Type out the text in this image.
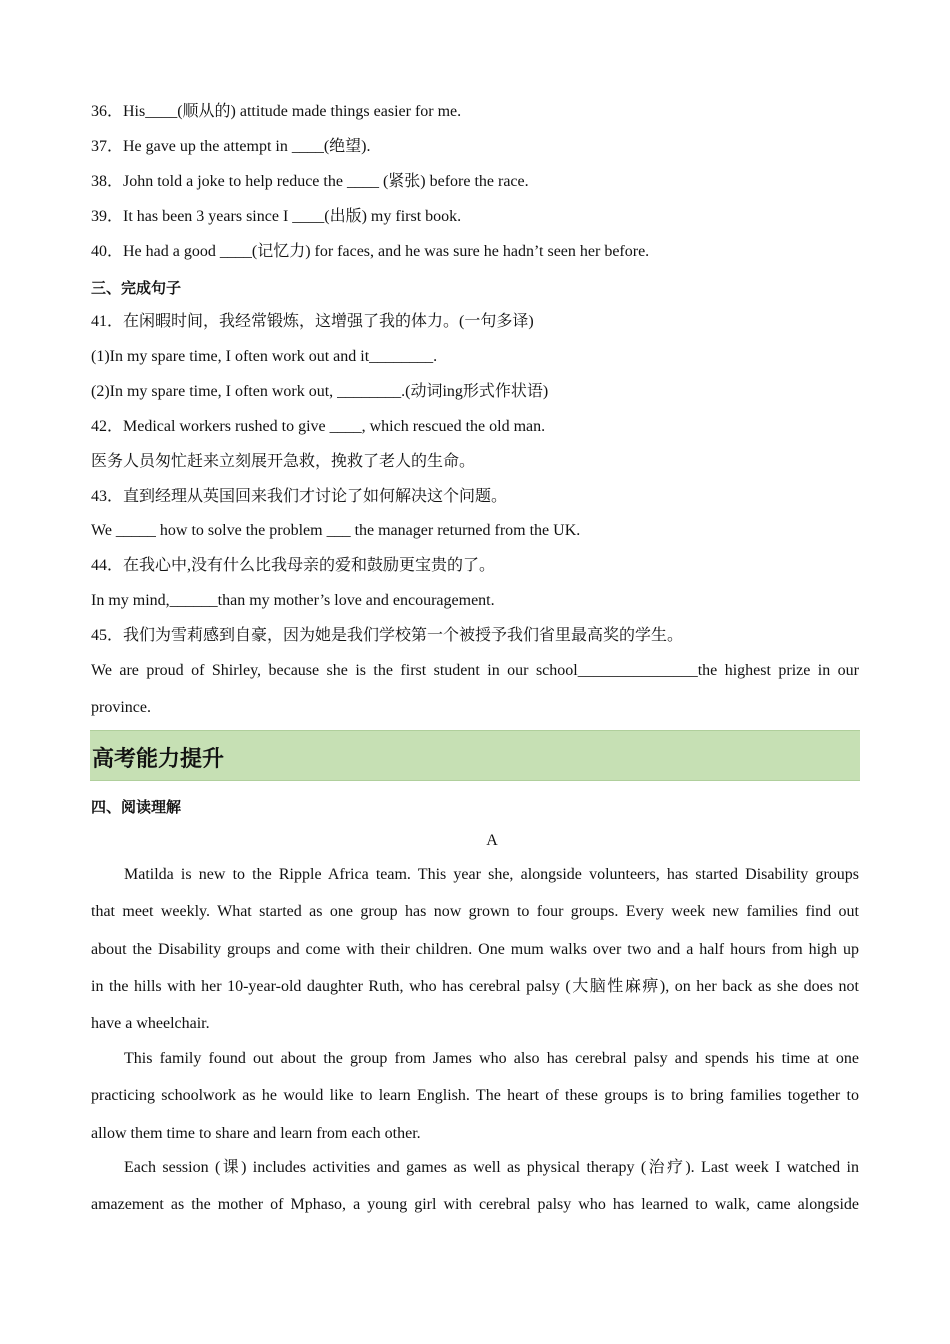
36．His____(顺从的) attitude made things easier for me.
37．He gave up the attempt in ____(绝望).
38．John told a joke to help reduce the ____ (紧张) before the race.
39．It has been 3 years since I ____(出版) my first book.
40．He had a good ____(记忆力) for faces, and he was sure he hadn’t seen her before.
三、完成句子
41．在闲暇时间，我经常锻炼，这增强了我的体力。(一句多译)
(1)In my spare time, I often work out and it________.
(2)In my spare time, I often work out, ________.(动词ing形式作状语)
42．Medical workers rushed to give ____, which rescued the old man.
医务人员匆忙赶来立刻展开急救，挽救了老人的生命。
43．直到经理从英国回来我们才讨论了如何解决这个问题。
We _____ how to solve the problem ___ the manager returned from the UK.
44．在我心中,没有什么比我母亲的爱和鼓励更宝贵的了。
In my mind,______than my mother’s love and encouragement.
45．我们为雪莉感到自豪，因为她是我们学校第一个被授予我们省里最高奖的学生。
We are proud of Shirley, because she is the first student in our school_______________the highest prize in our
province.
高考能力提升
四、阅读理解
A
Matilda is new to the Ripple Africa team. This year she, alongside volunteers, has started Disability groups
that meet weekly. What started as one group has now grown to four groups. Every week new families find out
about the Disability groups and come with their children. One mum walks over two and a half hours from high up
in the hills with her 10-year-old daughter Ruth, who has cerebral palsy (大脑性麻痹), on her back as she does not
have a wheelchair.
This family found out about the group from James who also has cerebral palsy and spends his time at one
practicing schoolwork as he would like to learn English. The heart of these groups is to bring families together to
allow them time to share and learn from each other.
Each session (课) includes activities and games as well as physical therapy (治疗). Last week I watched in
amazement as the mother of Mphaso, a young girl with cerebral palsy who has learned to walk, came alongside
